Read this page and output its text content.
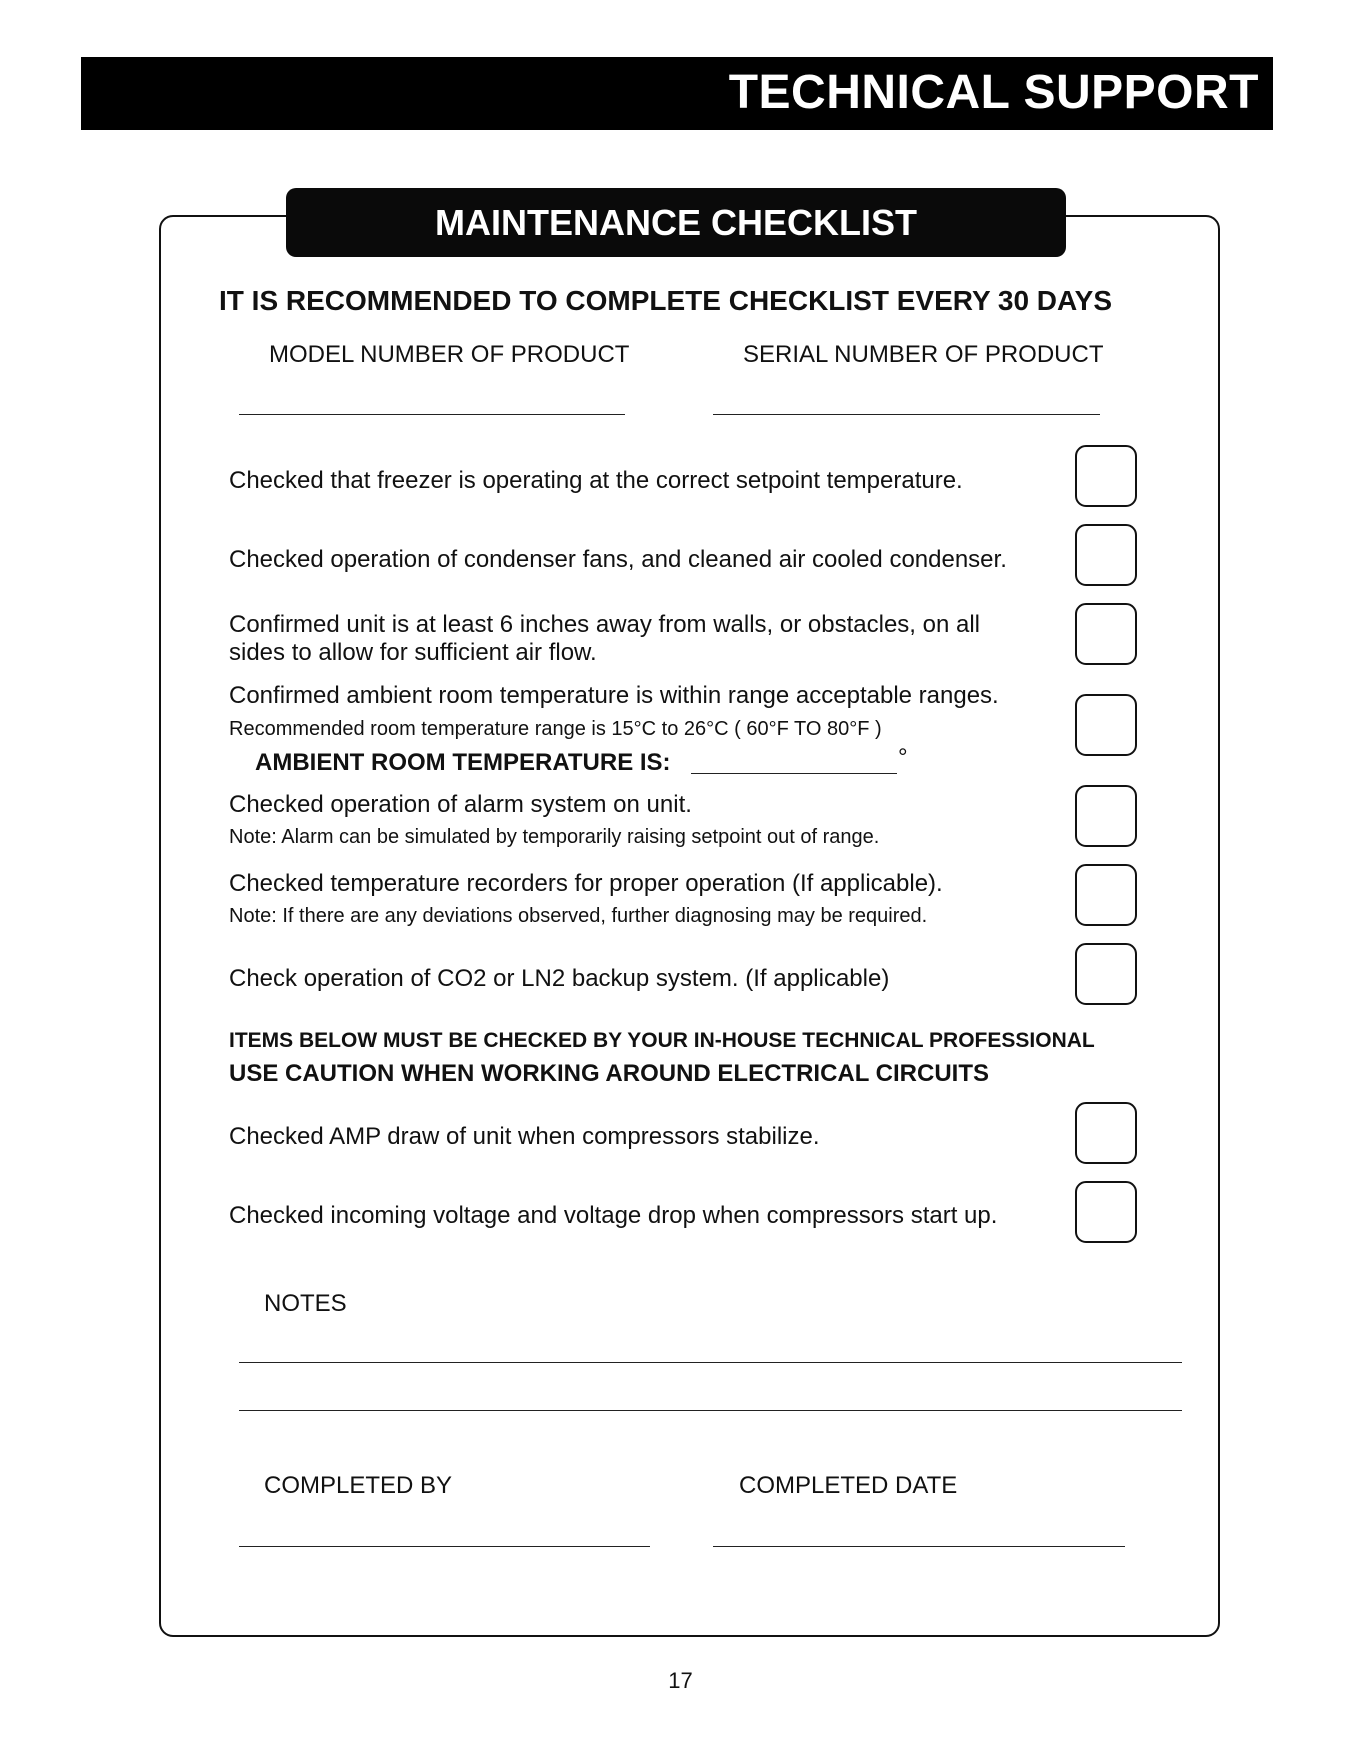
TECHNICAL SUPPORT
MAINTENANCE CHECKLIST
IT IS RECOMMENDED TO COMPLETE CHECKLIST EVERY 30 DAYS
MODEL NUMBER OF PRODUCT	SERIAL NUMBER OF PRODUCT
Checked that freezer is operating at the correct setpoint temperature.
Checked operation of condenser fans, and cleaned air cooled condenser.
Confirmed unit is at least 6 inches away from walls, or obstacles, on all
sides to allow for sufficient air flow.
Confirmed ambient room temperature is within range acceptable ranges.
Recommended room temperature range is 15°C to 26°C ( 60°F TO 80°F )
AMBIENT ROOM TEMPERATURE IS:	°
Checked operation of alarm system on unit.
Note: Alarm can be simulated by temporarily raising setpoint out of range.
Checked temperature recorders for proper operation (If applicable).
Note: If there are any deviations observed, further diagnosing may be required.
Check operation of CO2 or LN2 backup system. (If applicable)
ITEMS BELOW MUST BE CHECKED BY YOUR IN-HOUSE TECHNICAL PROFESSIONAL
USE CAUTION WHEN WORKING AROUND ELECTRICAL CIRCUITS
Checked AMP draw of unit when compressors stabilize.
Checked incoming voltage and voltage drop when compressors start up.
NOTES
COMPLETED BY	COMPLETED DATE
17
